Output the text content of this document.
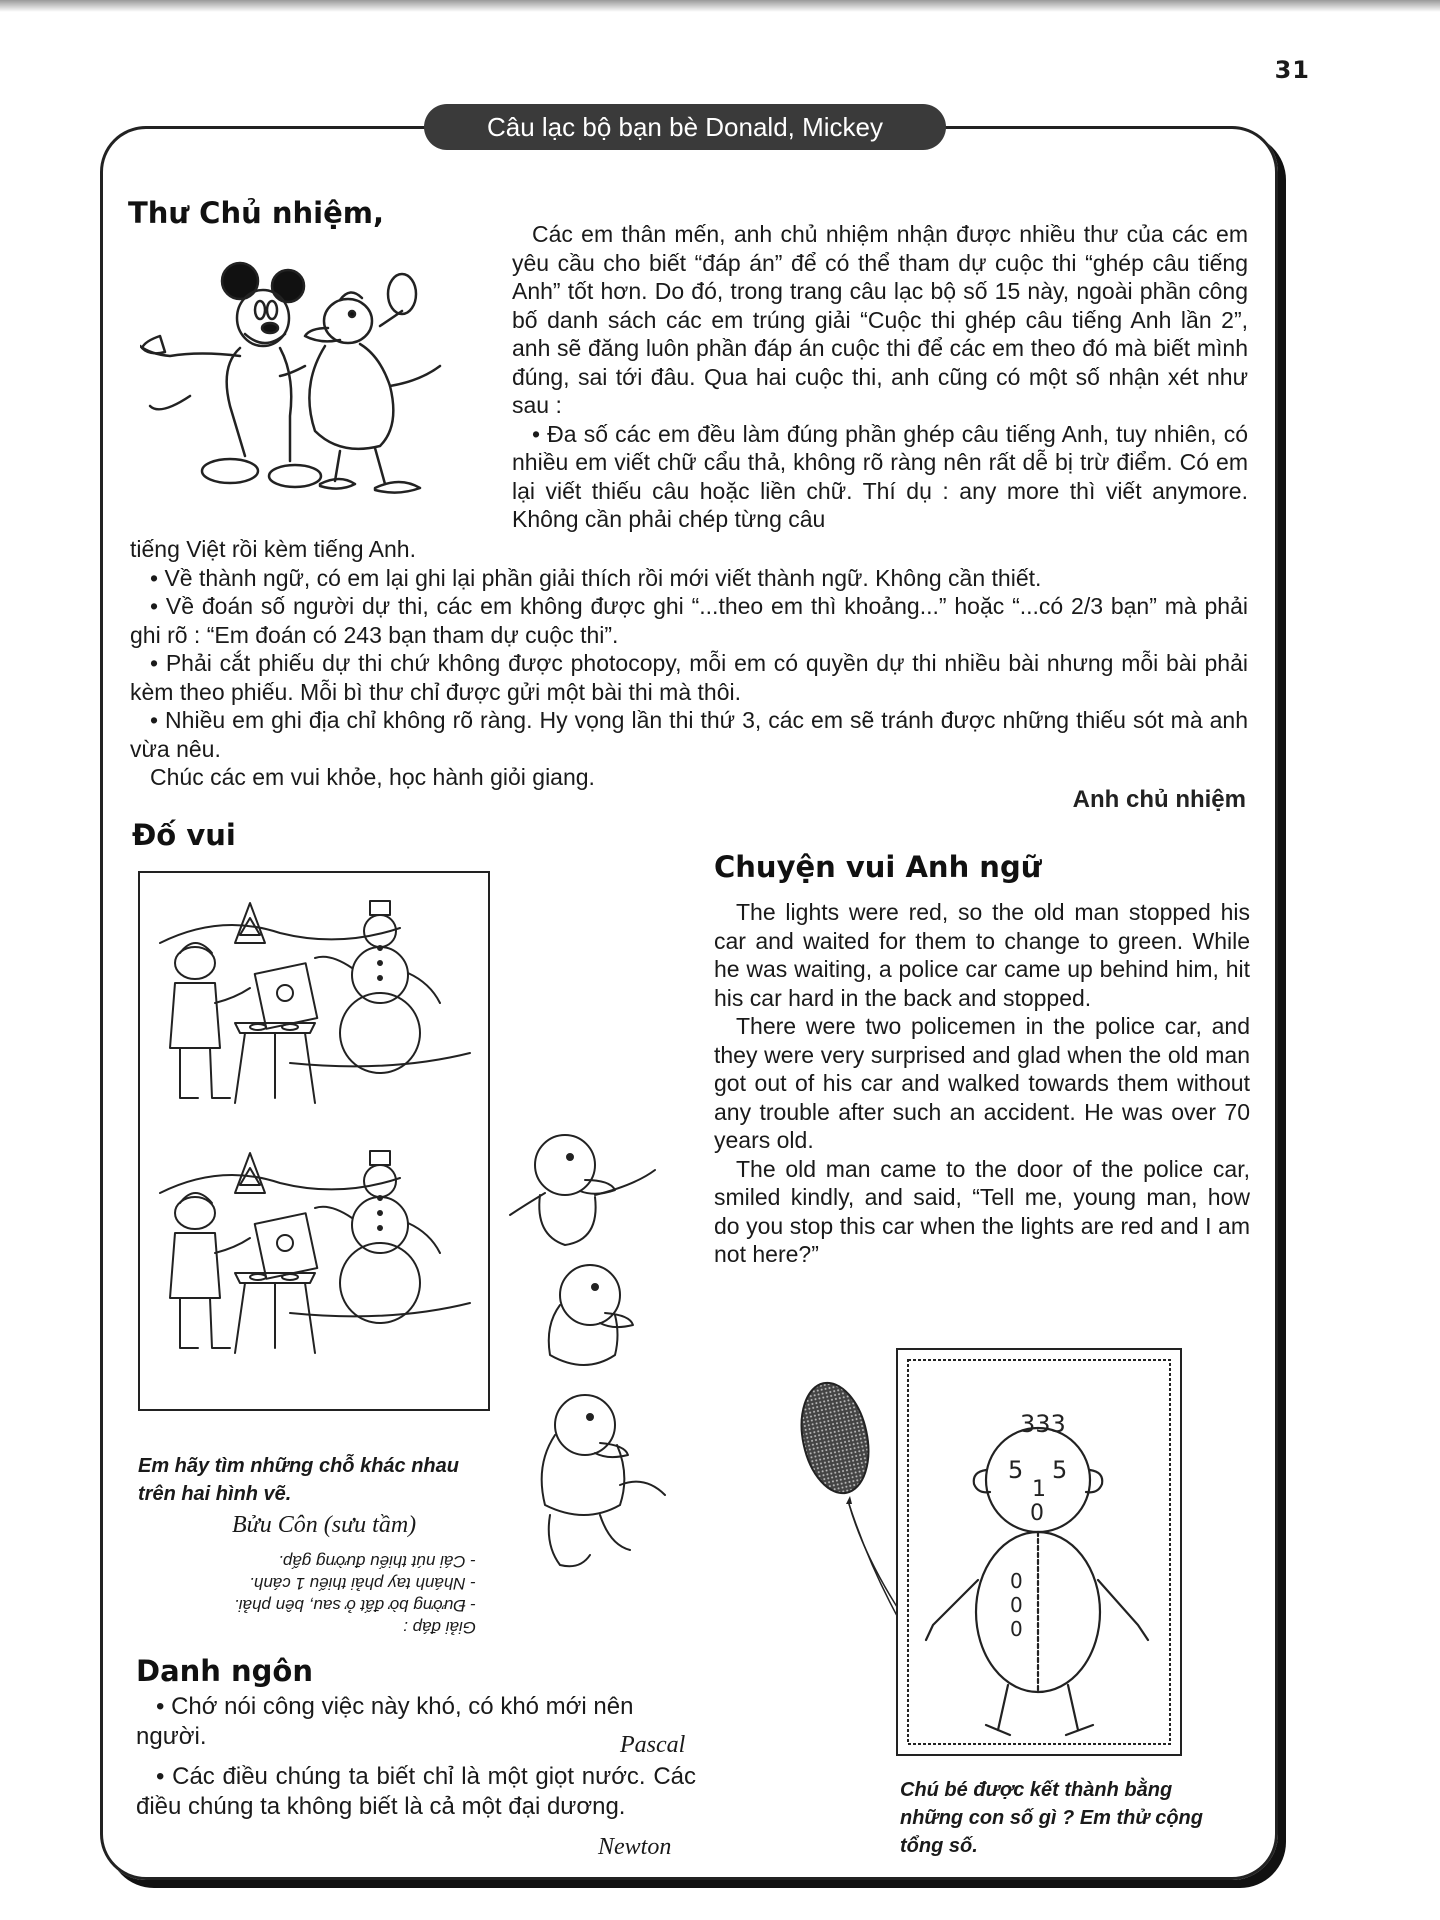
31
Câu lạc bộ bạn bè Donald, Mickey
Thư Chủ nhiệm,

Các em thân mến, anh chủ nhiệm nhận được nhiều thư của các em yêu cầu cho biết “đáp án” để có thể tham dự cuộc thi “ghép câu tiếng Anh” tốt hơn. Do đó, trong trang câu lạc bộ số 15 này, ngoài phần công bố danh sách các em trúng giải “Cuộc thi ghép câu tiếng Anh lần 2”, anh sẽ đăng luôn phần đáp án cuộc thi để các em theo đó mà biết mình đúng, sai tới đâu. Qua hai cuộc thi, anh cũng có một số nhận xét như sau :

• Đa số các em đều làm đúng phần ghép câu tiếng Anh, tuy nhiên, có nhiều em viết chữ cẩu thả, không rõ ràng nên rất dễ bị trừ điểm. Có em lại viết thiếu câu hoặc liền chữ. Thí dụ : any more thì viết anymore. Không cần phải chép từng câu

tiếng Việt rồi kèm tiếng Anh.

• Về thành ngữ, có em lại ghi lại phần giải thích rồi mới viết thành ngữ. Không cần thiết.

• Về đoán số người dự thi, các em không được ghi “...theo em thì khoảng...” hoặc “...có 2/3 bạn” mà phải ghi rõ : “Em đoán có 243 bạn tham dự cuộc thi”.

• Phải cắt phiếu dự thi chứ không được photocopy, mỗi em có quyền dự thi nhiều bài nhưng mỗi bài phải kèm theo phiếu. Mỗi bì thư chỉ được gửi một bài thi mà thôi.

• Nhiều em ghi địa chỉ không rõ ràng. Hy vọng lần thi thứ 3, các em sẽ tránh được những thiếu sót mà anh vừa nêu.

Chúc các em vui khỏe, học hành giỏi giang.

Anh chủ nhiệm
Đố vui
Em hãy tìm những chỗ khác nhau trên hai hình vẽ.
Bửu Côn (sưu tầm)
Giải đáp :
- Đường bờ đất ở sau, bên phải.
- Nhánh tay phải thiếu 1 cánh.
- Cái nút thiếu đường gấp.
Danh ngôn
• Chớ nói công việc này khó, có khó mới nên người.	Pascal
• Các điều chúng ta biết chỉ là một giọt nước. Các điều chúng ta không biết là cả một đại dương.
Newton
Chuyện vui Anh ngữ

The lights were red, so the old man stopped his car and waited for them to change to green. While he was waiting, a police car came up behind him, hit his car hard in the back and stopped.

There were two policemen in the police car, and they were very surprised and glad when the old man got out of his car and walked towards them without any trouble after such an accident. He was over 70 years old.

The old man came to the door of the police car, smiled kindly, and said, “Tell me, young man, how do you stop this car when the lights are red and I am not here?”

333
5 5
1
0
0
0
0
Chú bé được kết thành bằng những con số gì ? Em thử cộng tổng số.
